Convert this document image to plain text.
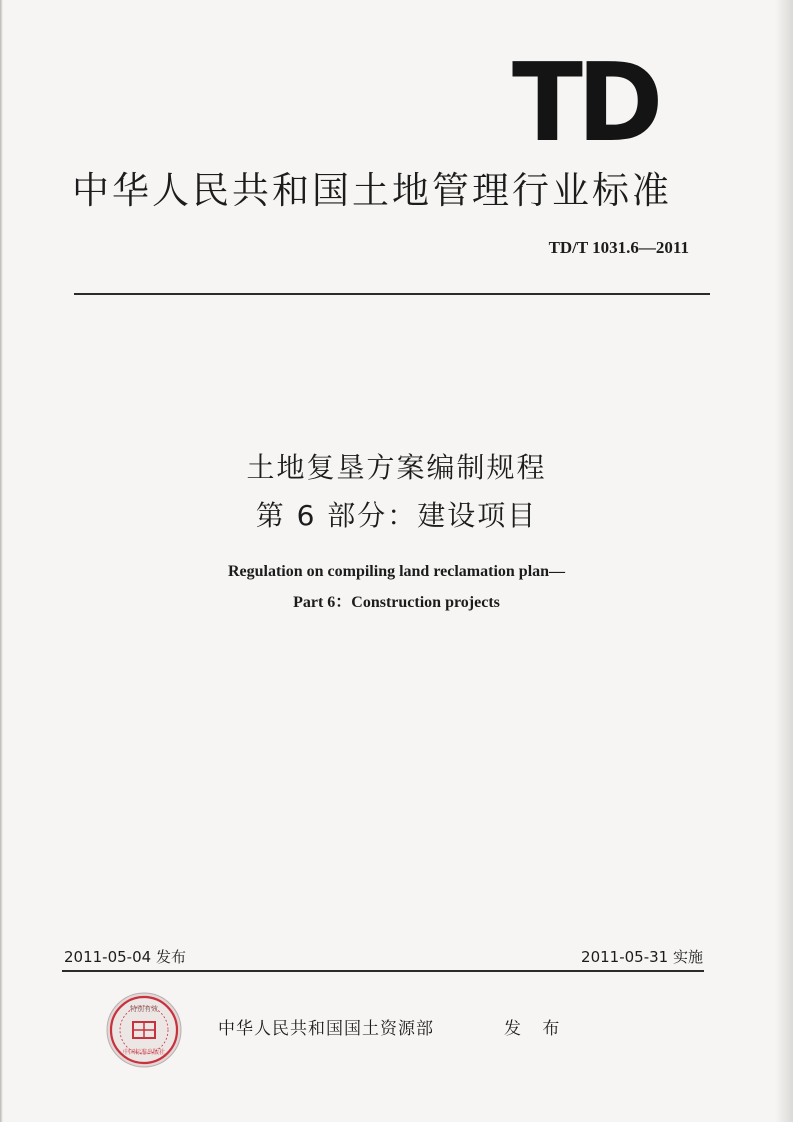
TD
中华人民共和国土地管理行业标准
TD/T 1031.6—2011
土地复垦方案编制规程
第 6 部分：建设项目
Regulation on compiling land reclamation plan—
Part 6：Construction projects
2011-05-04 发布	2011-05-31 实施
特别有效
中国标准出版社
中华人民共和国国土资源部	发 布
